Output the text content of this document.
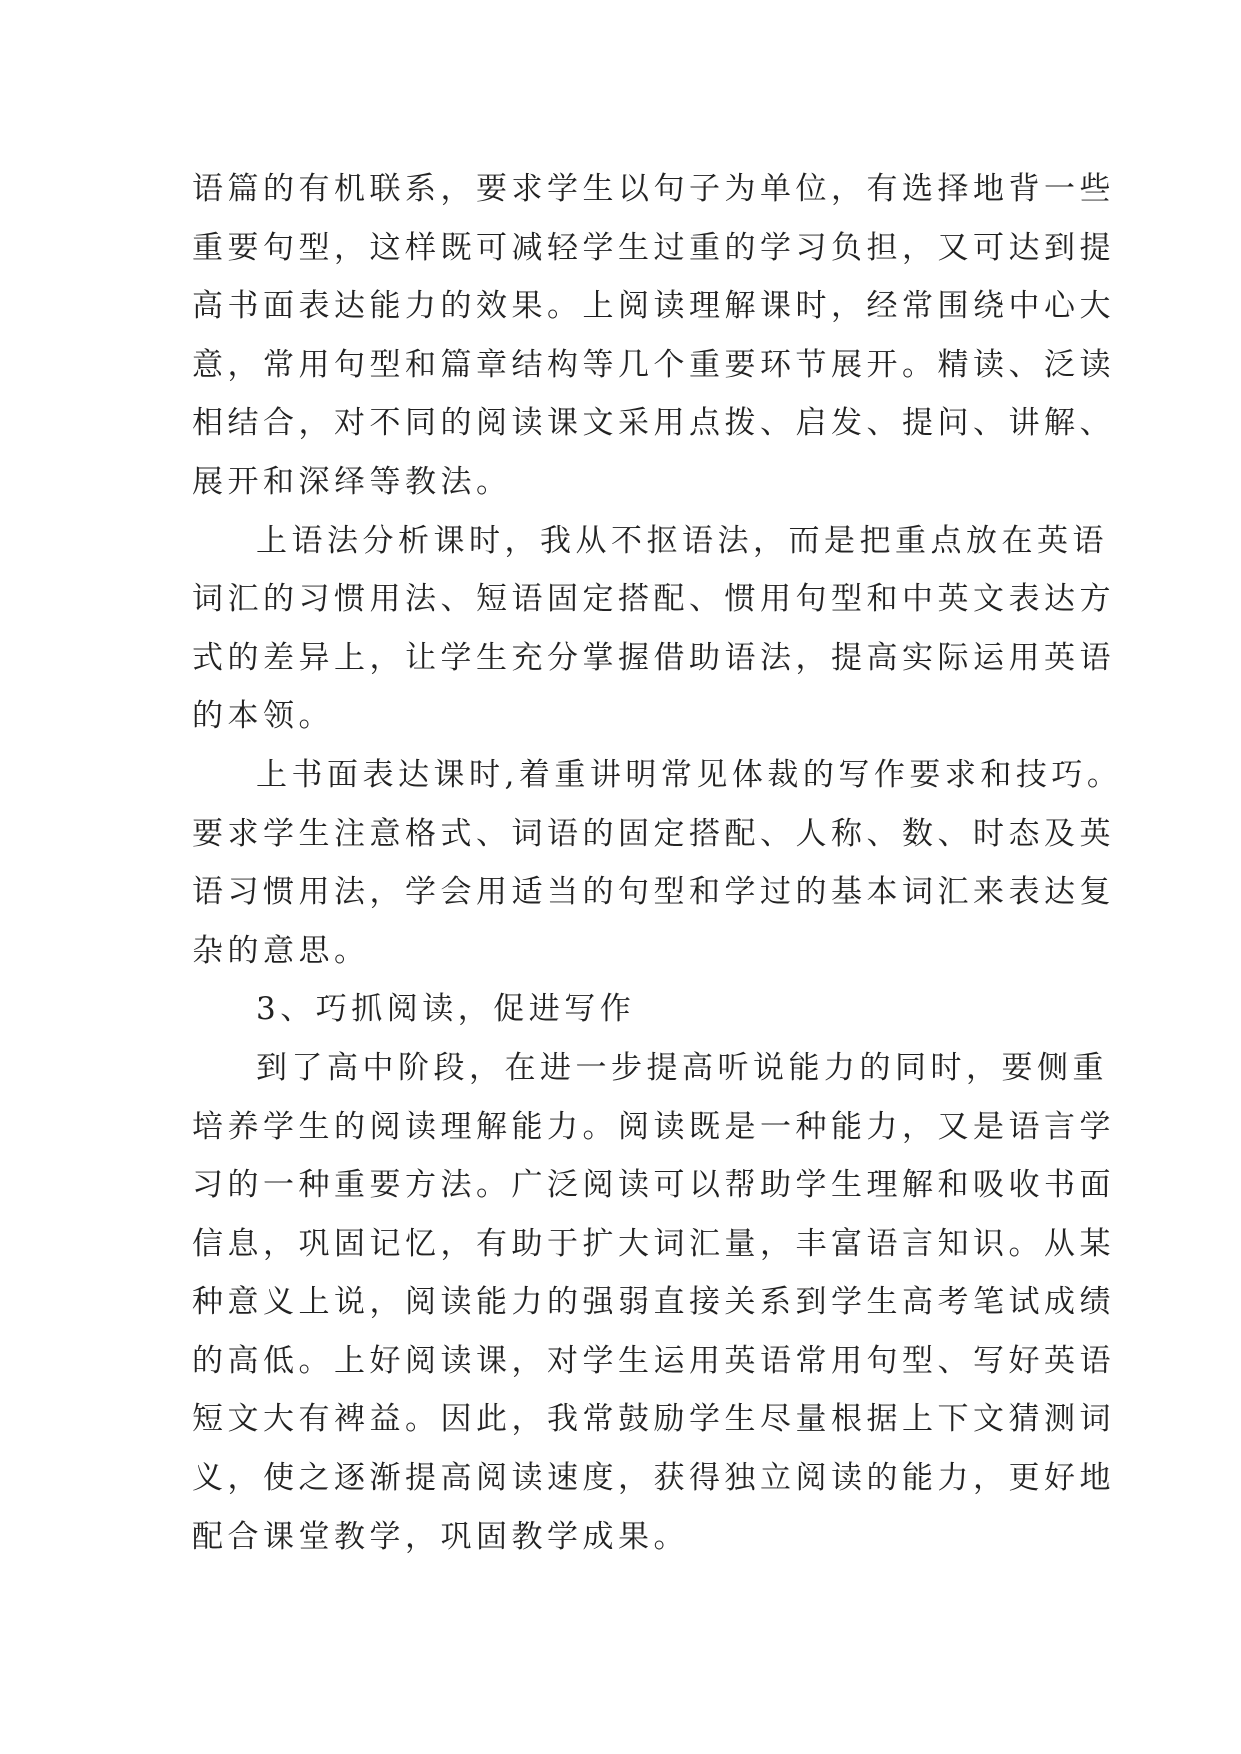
语篇的有机联系，要求学生以句子为单位，有选择地背一些
重要句型，这样既可减轻学生过重的学习负担，又可达到提
高书面表达能力的效果。上阅读理解课时，经常围绕中心大
意，常用句型和篇章结构等几个重要环节展开。精读、泛读
相结合，对不同的阅读课文采用点拨、启发、提问、讲解、
展开和深绎等教法。
上语法分析课时，我从不抠语法，而是把重点放在英语
词汇的习惯用法、短语固定搭配、惯用句型和中英文表达方
式的差异上，让学生充分掌握借助语法，提高实际运用英语
的本领。
上书面表达课时,着重讲明常见体裁的写作要求和技巧。
要求学生注意格式、词语的固定搭配、人称、数、时态及英
语习惯用法，学会用适当的句型和学过的基本词汇来表达复
杂的意思。
3、巧抓阅读，促进写作
到了高中阶段，在进一步提高听说能力的同时，要侧重
培养学生的阅读理解能力。阅读既是一种能力，又是语言学
习的一种重要方法。广泛阅读可以帮助学生理解和吸收书面
信息，巩固记忆，有助于扩大词汇量，丰富语言知识。从某
种意义上说，阅读能力的强弱直接关系到学生高考笔试成绩
的高低。上好阅读课，对学生运用英语常用句型、写好英语
短文大有裨益。因此，我常鼓励学生尽量根据上下文猜测词
义，使之逐渐提高阅读速度，获得独立阅读的能力，更好地
配合课堂教学，巩固教学成果。
